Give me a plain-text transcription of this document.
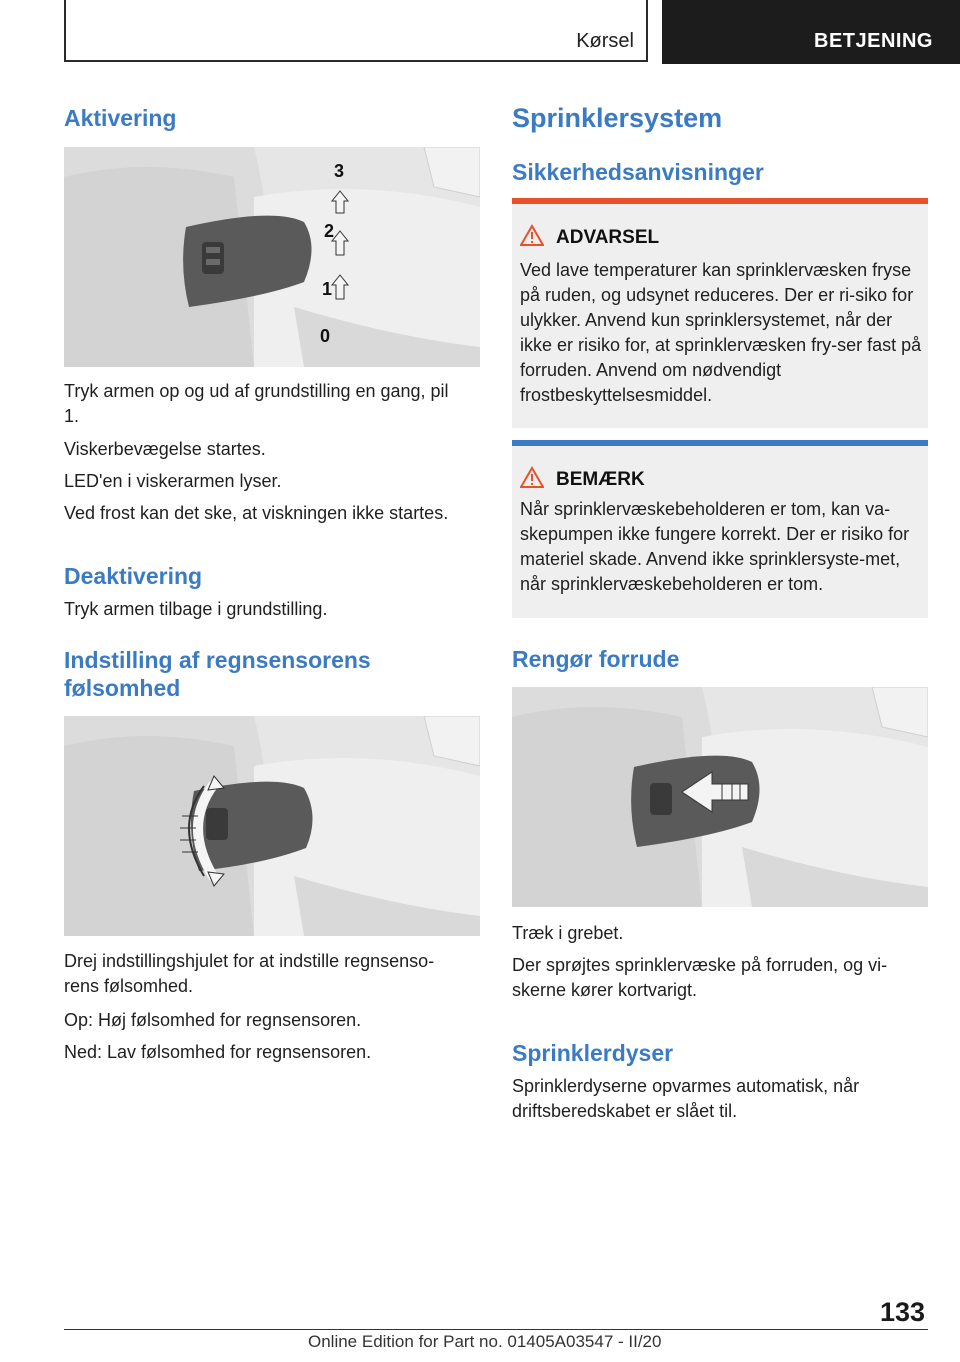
Kørsel	BETJENING
Aktivering
3
2
1
0

Tryk armen op og ud af grundstilling en gang, pil 1.

Viskerbevægelse startes.

LED'en i viskerarmen lyser.

Ved frost kan det ske, at viskningen ikke startes.

Deaktivering

Tryk armen tilbage i grundstilling.

Indstilling af regnsensorens følsomhed

Drej indstillingshjulet for at indstille regnsenso-rens følsomhed.

Op: Høj følsomhed for regnsensoren.

Ned: Lav følsomhed for regnsensoren.

Sprinklersystem
Sikkerhedsanvisninger
ADVARSEL

Ved lave temperaturer kan sprinklervæsken fryse på ruden, og udsynet reduceres. Der er ri-siko for ulykker. Anvend kun sprinklersystemet, når der ikke er risiko for, at sprinklervæsken fry-ser fast på forruden. Anvend om nødvendigt frostbeskyttelsesmiddel.

BEMÆRK

Når sprinklervæskebeholderen er tom, kan va-skepumpen ikke fungere korrekt. Der er risiko for materiel skade. Anvend ikke sprinklersyste-met, når sprinklervæskebeholderen er tom.

Rengør forrude

Træk i grebet.

Der sprøjtes sprinklervæske på forruden, og vi-skerne kører kortvarigt.

Sprinklerdyser

Sprinklerdyserne opvarmes automatisk, når driftsberedskabet er slået til.

133
Online Edition for Part no. 01405A03547 - II/20
